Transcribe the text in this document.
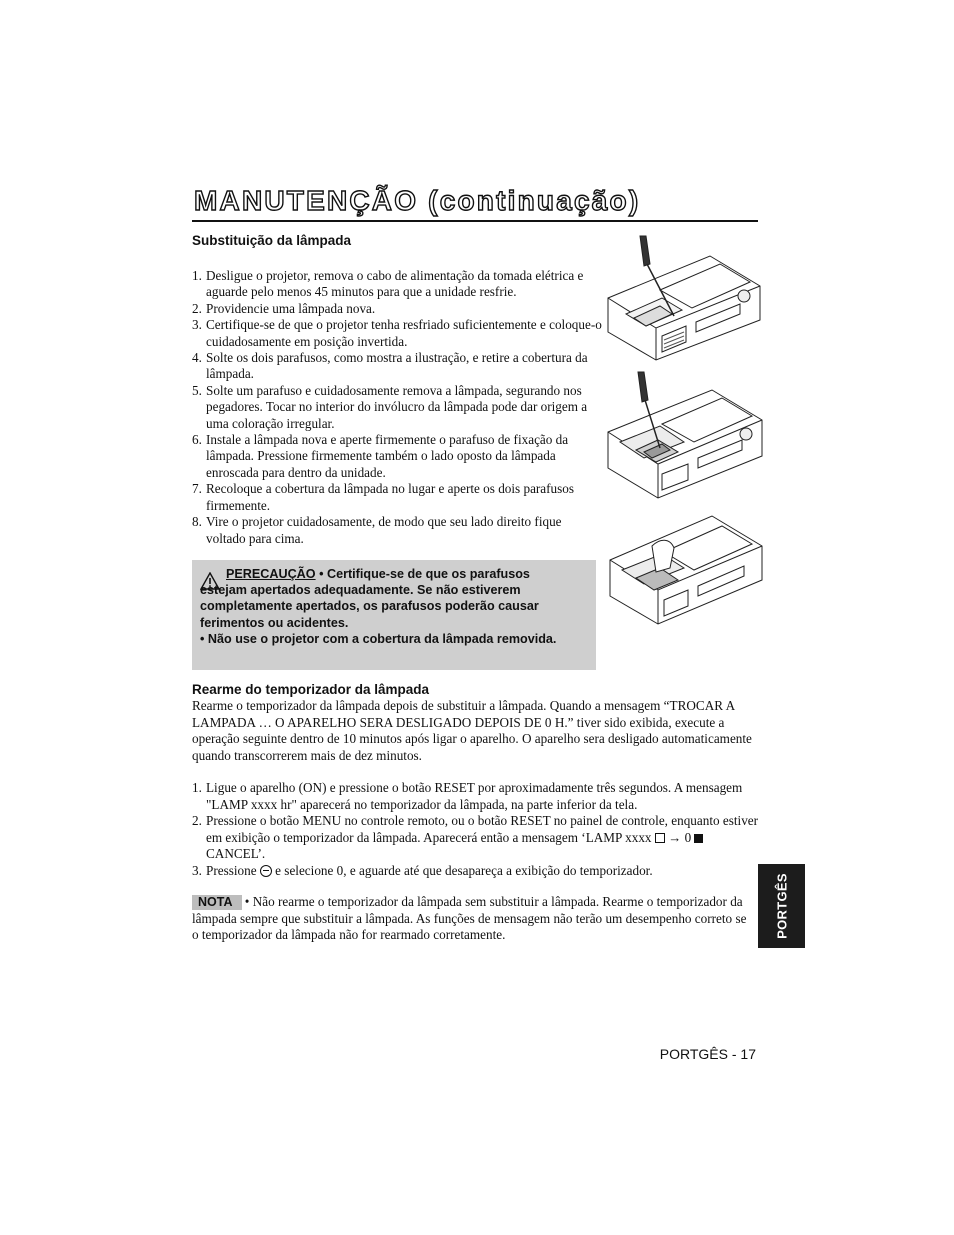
MANUTENÇÃO (continuação)
Substituição da lâmpada
1. Desligue o projetor, remova o cabo de alimentação da tomada elétrica e aguarde pelo menos 45 minutos para que a unidade resfrie.
2. Providencie uma lâmpada nova.
3. Certifique-se de que o projetor tenha resfriado suficientemente e coloque-o cuidadosamente em posição invertida.
4. Solte os dois parafusos, como mostra a ilustração, e retire a cobertura da lâmpada.
5. Solte um parafuso e cuidadosamente remova a lâmpada, segurando nos pegadores. Tocar no interior do invólucro da lâmpada pode dar origem a uma coloração irregular.
6. Instale a lâmpada nova e aperte firmemente o parafuso de fixação da lâmpada. Pressione firmemente também o lado oposto da lâmpada enroscada para dentro da unidade.
7. Recoloque a cobertura da lâmpada no lugar e aperte os dois parafusos firmemente.
8. Vire o projetor cuidadosamente, de modo que seu lado direito fique voltado para cima.
PERECAUÇÃO • Certifique-se de que os parafusos
estejam apertados adequadamente. Se não estiverem completamente apertados, os parafusos poderão causar ferimentos ou acidentes.
• Não use o projetor com a cobertura da lâmpada removida.
Rearme do temporizador da lâmpada

Rearme o temporizador da lâmpada depois de substituir a lâmpada. Quando a mensagem “TROCAR A LAMPADA … O APARELHO SERA DESLIGADO DEPOIS DE 0 H.” tiver sido exibida, execute a operação seguinte dentro de 10 minutos após ligar o aparelho. O aparelho sera desligado automaticamente quando transcorrerem mais de dez minutos.

1. Ligue o aparelho (ON) e pressione o botão RESET por aproximadamente três segundos. A mensagem "LAMP xxxx hr" aparecerá no temporizador da lâmpada, na parte inferior da tela.
2. Pressione o botão MENU no controle remoto, ou o botão RESET no painel de controle, enquanto estiver em exibição o temporizador da lâmpada. Aparecerá então a mensagem ‘LAMP xxxx → 0  CANCEL’.
3. Pressione e selecione 0, e aguarde até que desapareça a exibição do temporizador.

NOTA • Não rearme o temporizador da lâmpada sem substituir a lâmpada. Rearme o temporizador da lâmpada sempre que substituir a lâmpada. As funções de mensagem não terão um desempenho correto se o temporizador da lâmpada não for rearmado corretamente.	PORTGÊS
PORTGÊS - 17
